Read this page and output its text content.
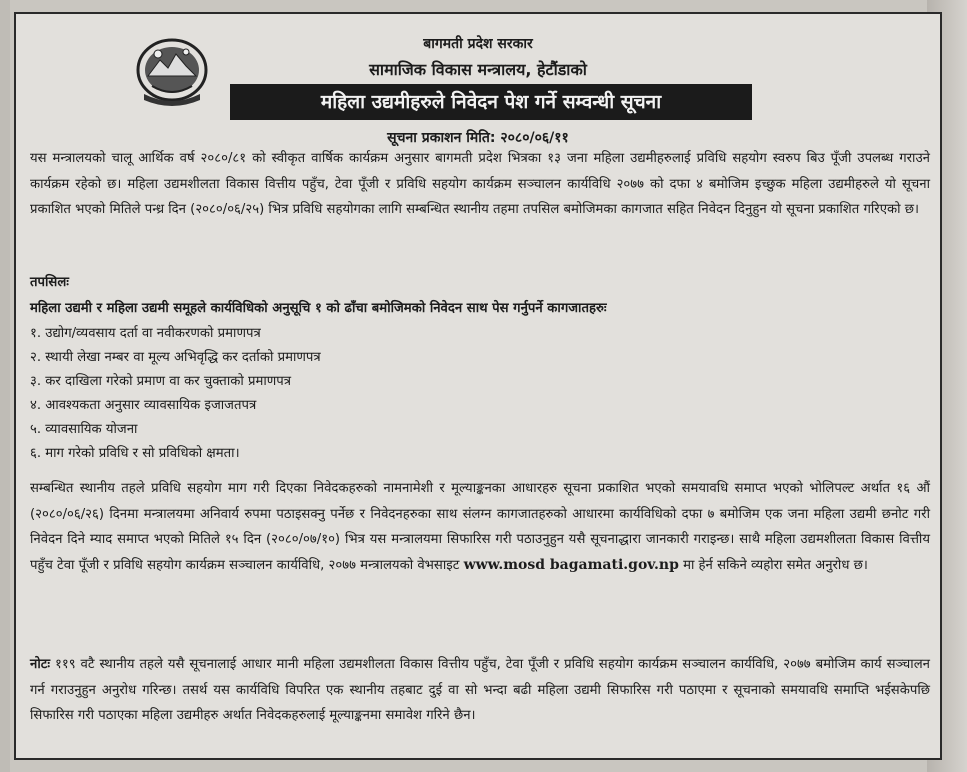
बागमती प्रदेश सरकार
सामाजिक विकास मन्त्रालय, हेटौंडाको
महिला उद्यमीहरुले निवेदन पेश गर्ने सम्वन्धी सूचना
सूचना प्रकाशन मिति: २०८०/०६/११
यस मन्त्रालयको चालू आर्थिक वर्ष २०८०/८१ को स्वीकृत वार्षिक कार्यक्रम अनुसार बागमती प्रदेश भित्रका १३ जना महिला उद्यमीहरुलाई प्रविधि सहयोग स्वरुप बिउ पूँजी उपलब्ध गराउने कार्यक्रम रहेको छ। महिला उद्यमशीलता विकास वित्तीय पहुँच, टेवा पूँजी र प्रविधि सहयोग कार्यक्रम सञ्चालन कार्यविधि २०७७ को दफा ४ बमोजिम इच्छुक महिला उद्यमीहरुले यो सूचना प्रकाशित भएको मितिले पन्ध्र दिन (२०८०/०६/२५) भित्र प्रविधि सहयोगका लागि सम्बन्धित स्थानीय तहमा तपसिल बमोजिमका कागजात सहित निवेदन दिनुहुन यो सूचना प्रकाशित गरिएको छ।
तपसिलः
महिला उद्यमी र महिला उद्यमी समूहले कार्यविधिको अनुसूचि १ को ढाँचा बमोजिमको निवेदन साथ पेस गर्नुपर्ने कागजातहरुः
१. उद्योग/व्यवसाय दर्ता वा नवीकरणको प्रमाणपत्र
२. स्थायी लेखा नम्बर वा मूल्य अभिवृद्धि कर दर्ताको प्रमाणपत्र
३. कर दाखिला गरेको प्रमाण वा कर चुक्ताको प्रमाणपत्र
४. आवश्यकता अनुसार व्यावसायिक इजाजतपत्र
५. व्यावसायिक योजना
६. माग गरेको प्रविधि र सो प्रविधिको क्षमता।
सम्बन्धित स्थानीय तहले प्रविधि सहयोग माग गरी दिएका निवेदकहरुको नामनामेशी र मूल्याङ्कनका आधारहरु सूचना प्रकाशित भएको समयावधि समाप्त भएको भोलिपल्ट अर्थात १६ औं (२०८०/०६/२६) दिनमा मन्त्रालयमा अनिवार्य रुपमा पठाइसक्नु पर्नेछ र निवेदनहरुका साथ संलग्न कागजातहरुको आधारमा कार्यविधिको दफा ७ बमोजिम एक जना महिला उद्यमी छनोट गरी निवेदन दिने म्याद समाप्त भएको मितिले १५ दिन (२०८०/०७/१०) भित्र यस मन्त्रालयमा सिफारिस गरी पठाउनुहुन यसै सूचनाद्धारा जानकारी गराइन्छ। साथै महिला उद्यमशीलता विकास वित्तीय पहुँच टेवा पूँजी र प्रविधि सहयोग कार्यक्रम सञ्चालन कार्यविधि, २०७७ मन्त्रालयको वेभसाइट www.mosd bagamati.gov.np मा हेर्न सकिने व्यहोरा समेत अनुरोध छ।
नोटः ११९ वटै स्थानीय तहले यसै सूचनालाई आधार मानी महिला उद्यमशीलता विकास वित्तीय पहुँच, टेवा पूँजी र प्रविधि सहयोग कार्यक्रम सञ्चालन कार्यविधि, २०७७ बमोजिम कार्य सञ्चालन गर्न गराउनुहुन अनुरोध गरिन्छ। तसर्थ यस कार्यविधि विपरित एक स्थानीय तहबाट दुई वा सो भन्दा बढी महिला उद्यमी सिफारिस गरी पठाएमा र सूचनाको समयावधि समाप्ति भईसकेपछि सिफारिस गरी पठाएका महिला उद्यमीहरु अर्थात निवेदकहरुलाई मूल्याङ्कनमा समावेश गरिने छैन।
